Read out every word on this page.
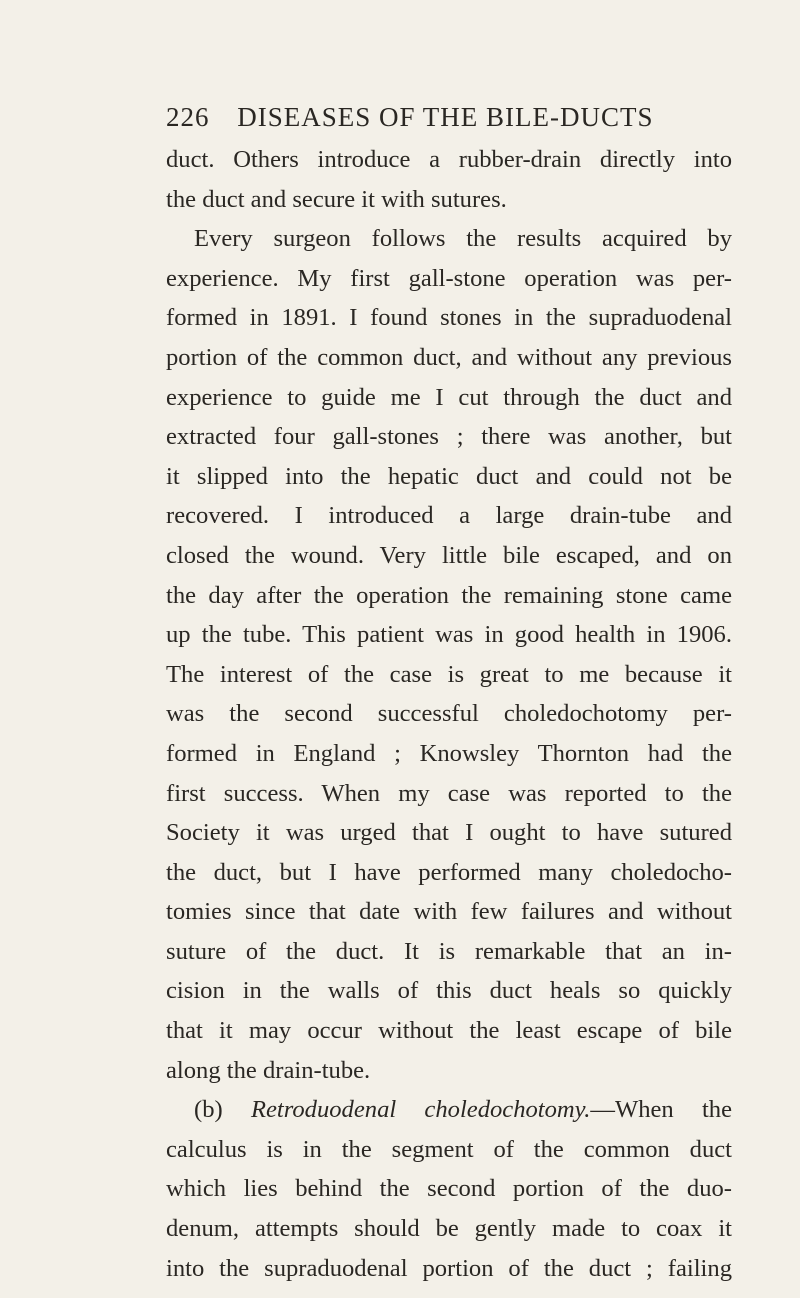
226 DISEASES OF THE BILE-DUCTS
duct. Others introduce a rubber-drain directly into
the duct and secure it with sutures.
Every surgeon follows the results acquired by
experience. My first gall-stone operation was per-
formed in 1891. I found stones in the supraduodenal
portion of the common duct, and without any previous
experience to guide me I cut through the duct and
extracted four gall-stones ; there was another, but
it slipped into the hepatic duct and could not be
recovered. I introduced a large drain-tube and
closed the wound. Very little bile escaped, and on
the day after the operation the remaining stone came
up the tube. This patient was in good health in 1906.
The interest of the case is great to me because it
was the second successful choledochotomy per-
formed in England ; Knowsley Thornton had the
first success. When my case was reported to the
Society it was urged that I ought to have sutured
the duct, but I have performed many choledocho-
tomies since that date with few failures and without
suture of the duct. It is remarkable that an in-
cision in the walls of this duct heals so quickly
that it may occur without the least escape of bile
along the drain-tube.
(b) Retroduodenal choledochotomy.—When the
calculus is in the segment of the common duct
which lies behind the second portion of the duo-
denum, attempts should be gently made to coax it
into the supraduodenal portion of the duct ; failing
